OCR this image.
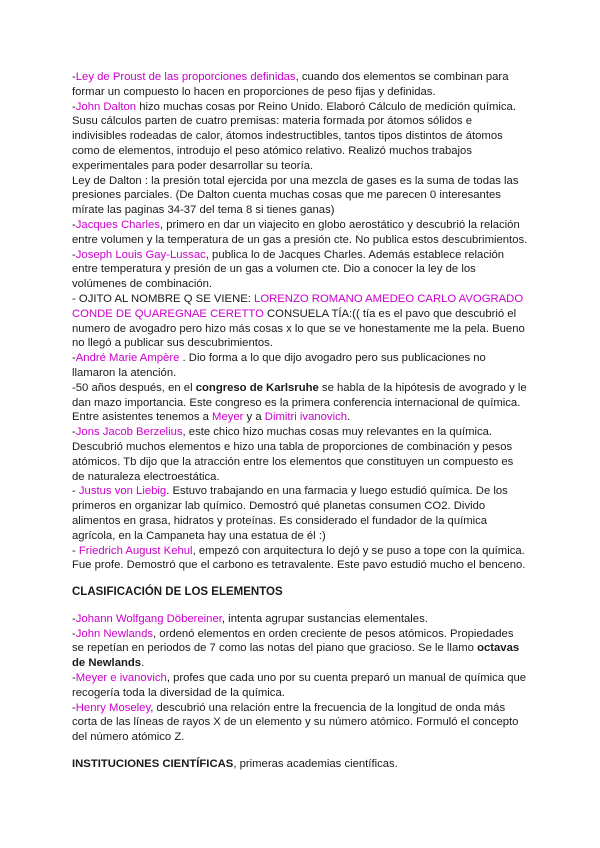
-Ley de Proust de las proporciones definidas, cuando dos elementos se combinan para formar un compuesto lo hacen en proporciones de peso fijas y definidas.

-John Dalton hizo muchas cosas por Reino Unido. Elaboró Cálculo de medición química. Susu cálculos parten de cuatro premisas: materia formada por átomos sólidos e indivisibles rodeadas de calor, átomos indestructibles, tantos tipos distintos de átomos como de elementos, introdujo el peso atómico relativo. Realizó muchos trabajos experimentales para poder desarrollar su teoría.

Ley de Dalton : la presión total ejercida por una mezcla de gases es la suma de todas las presiones parciales. (De Dalton cuenta muchas cosas que me parecen 0 interesantes mírate las paginas 34-37 del tema 8 si tienes ganas)

-Jacques Charles, primero en dar un viajecito en globo aerostático y descubrió la relación entre volumen y la temperatura de un gas a presión cte. No publica estos descubrimientos.

-Joseph Louis Gay-Lussac, publica lo de Jacques Charles. Además establece relación entre temperatura y presión de un gas a volumen cte. Dio a conocer la ley de los volúmenes de combinación.

- OJITO AL NOMBRE Q SE VIENE: LORENZO ROMANO AMEDEO CARLO AVOGRADO CONDE DE QUAREGNAE CERETTO CONSUELA TÍA:(( tía es el pavo que descubrió el numero de avogadro pero hizo más cosas x lo que se ve honestamente me la pela. Bueno no llegó a publicar sus descubrimientos.

-André Marie Ampère . Dio forma a lo que dijo avogadro pero sus publicaciones no llamaron la atención.

-50 años después, en el congreso de Karlsruhe se habla de la hipótesis de avogrado y le dan mazo importancia. Este congreso es la primera conferencia internacional de química. Entre asistentes tenemos a Meyer y a Dimitri ivanovich.

-Jons Jacob Berzelius, este chico hizo muchas cosas muy relevantes en la química. Descubrió muchos elementos e hizo una tabla de proporciones de combinación y pesos atómicos. Tb dijo que la atracción entre los elementos que constituyen un compuesto es de naturaleza electroestática.

- Justus von Liebig. Estuvo trabajando en una farmacia y luego estudió química. De los primeros en organizar lab químico. Demostró qué planetas consumen CO2. Divido alimentos en grasa, hidratos y proteínas. Es considerado el fundador de la química agrícola, en la Campaneta hay una estatua de él :)

- Friedrich August Kehul, empezó con arquitectura lo dejó y se puso a tope con la química. Fue profe. Demostró que el carbono es tetravalente. Este pavo estudió mucho el benceno.

CLASIFICACIÓN DE LOS ELEMENTOS

-Johann Wolfgang Döbereiner, intenta agrupar sustancias elementales.

-John Newlands, ordenó elementos en orden creciente de pesos atómicos. Propiedades se repetían en periodos de 7 como las notas del piano que gracioso. Se le llamo octavas de Newlands.

-Meyer e ivanovich, profes que cada uno por su cuenta preparó un manual de química que recogería toda la diversidad de la química.

-Henry Moseley, descubrió una relación entre la frecuencia de la longitud de onda más corta de las líneas de rayos X de un elemento y su número atómico. Formuló el concepto del número atómico Z.

INSTITUCIONES CIENTÍFICAS, primeras academias científicas.
